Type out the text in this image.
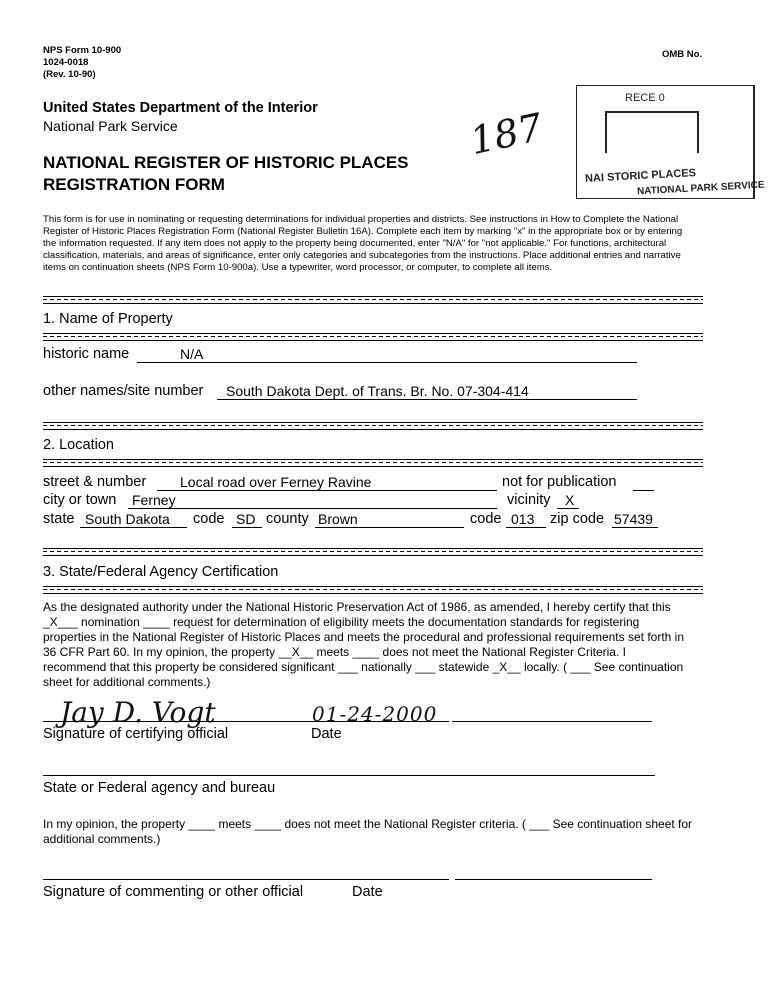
NPS Form 10-900
1024-0018
(Rev. 10-90)
OMB No.
United States Department of the Interior
National Park Service
NATIONAL REGISTER OF HISTORIC PLACES
REGISTRATION FORM
187
RECE 0
NAI STORIC PLACES
NATIONAL PARK SERVICE
This form is for use in nominating or requesting determinations for individual properties and districts. See instructions in How to Complete the National
Register of Historic Places Registration Form (National Register Bulletin 16A). Complete each item by marking "x" in the appropriate box or by entering
the information requested. If any item does not apply to the property being documented, enter "N/A" for "not applicable." For functions, architectural
classification, materials, and areas of significance, enter only categories and subcategories from the instructions. Place additional entries and narrative
items on continuation sheets (NPS Form 10-900a). Use a typewriter, word processor, or computer, to complete all items.
1. Name of Property
historic name	N/A
other names/site number South Dakota Dept. of Trans. Br. No. 07-304-414
2. Location
street & number Local road over Ferney Ravine	not for publication
city or town Ferney	vicinity X
state South Dakota code SD county Brown	code 013 zip code 57439
3. State/Federal Agency Certification
As the designated authority under the National Historic Preservation Act of 1986, as amended, I hereby certify that this
_X___ nomination ____ request for determination of eligibility meets the documentation standards for registering
properties in the National Register of Historic Places and meets the procedural and professional requirements set forth in
36 CFR Part 60. In my opinion, the property __X__ meets ____ does not meet the National Register Criteria. I
recommend that this property be considered significant ___ nationally ___ statewide _X__ locally. ( ___ See continuation
sheet for additional comments.)
Jay D. Vogt	01-24-2000
Signature of certifying official	Date
State or Federal agency and bureau
In my opinion, the property ____ meets ____ does not meet the National Register criteria. ( ___ See continuation sheet for
additional comments.)
Signature of commenting or other official	Date
